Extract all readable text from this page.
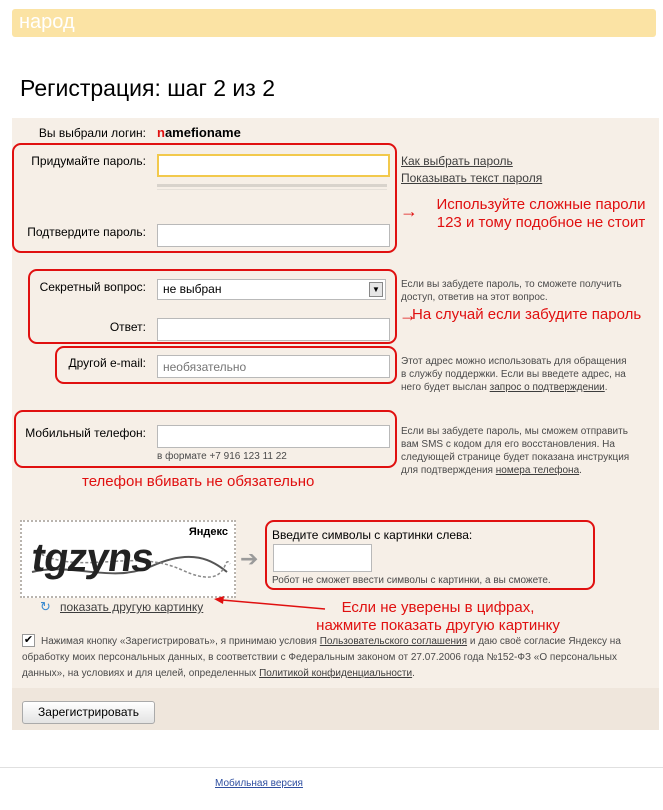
народ
Регистрация: шаг 2 из 2
Вы выбрали логин: namefioname
Придумайте пароль:	Как выбрать пароль
Показывать текст пароля
Подтвердите пароль:
→	Используйте сложные пароли
123 и тому подобное не стоит
Секретный вопрос:	не выбран	▼
Ответ:
Если вы забудете пароль, то сможете получить доступ, ответив на этот вопрос.
→
На случай если забудите пароль
Другой e-mail:
необязательно	Этот адрес можно использовать для обращения в службу поддержки. Если вы введете адрес, на него будет выслан запрос о подтверждении.
Мобильный телефон:
в формате +7 916 123 11 22
Если вы забудете пароль, мы сможем отправить вам SMS с кодом для его восстановления. На следующей странице будет показана инструкция для подтверждения номера телефона.
телефон вбивать не обязательно
Яндекс
tgzyns	➔
↻ показать другую картинку
Введите символы с картинки слева:
Робот не сможет ввести символы с картинки, а вы сможете.
Если не уверены в цифрах,
нажмите показать другую картинку
✔ Нажимая кнопку «Зарегистрировать», я принимаю условия Пользовательского соглашения и даю своё согласие Яндексу на обработку моих персональных данных, в соответствии с Федеральным законом от 27.07.2006 года №152-ФЗ «О персональных данных», на условиях и для целей, определенных Политикой конфиденциальности.
Зарегистрировать
Мобильная версия
